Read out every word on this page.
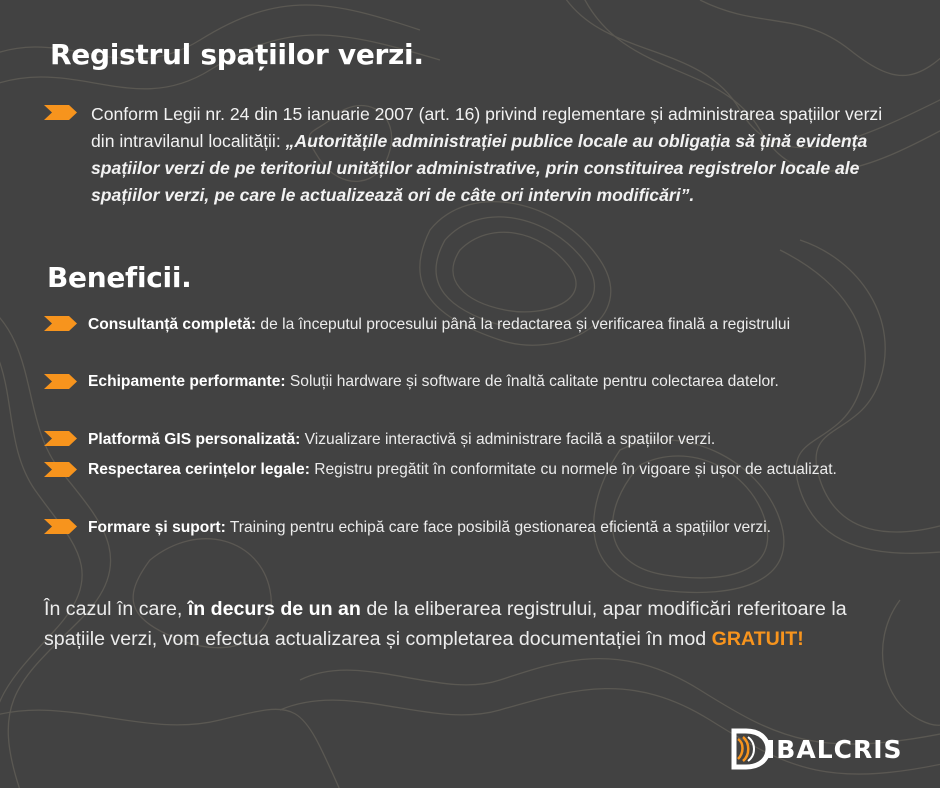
Registrul spațiilor verzi.
Conform Legii nr. 24 din 15 ianuarie 2007 (art. 16) privind reglementare și administrarea spațiilor verzi din intravilanul localității: „Autoritățile administrației publice locale au obligația să țină evidența spațiilor verzi de pe teritoriul unităților administrative, prin constituirea registrelor locale ale spațiilor verzi, pe care le actualizează ori de câte ori intervin modificări”.
Beneficii.
Consultanță completă: de la începutul procesului până la redactarea și verificarea finală a registrului
Echipamente performante: Soluții hardware și software de înaltă calitate pentru colectarea datelor.
Platformă GIS personalizată: Vizualizare interactivă și administrare facilă a spațiilor verzi.
Respectarea cerințelor legale: Registru pregătit în conformitate cu normele în vigoare și ușor de actualizat.
Formare și suport: Training pentru echipă care face posibilă gestionarea eficientă a spațiilor verzi.
În cazul în care, în decurs de un an de la eliberarea registrului, apar modificări referitoare la spațiile verzi, vom efectua actualizarea și completarea documentației în mod GRATUIT!
IBALCRIS
